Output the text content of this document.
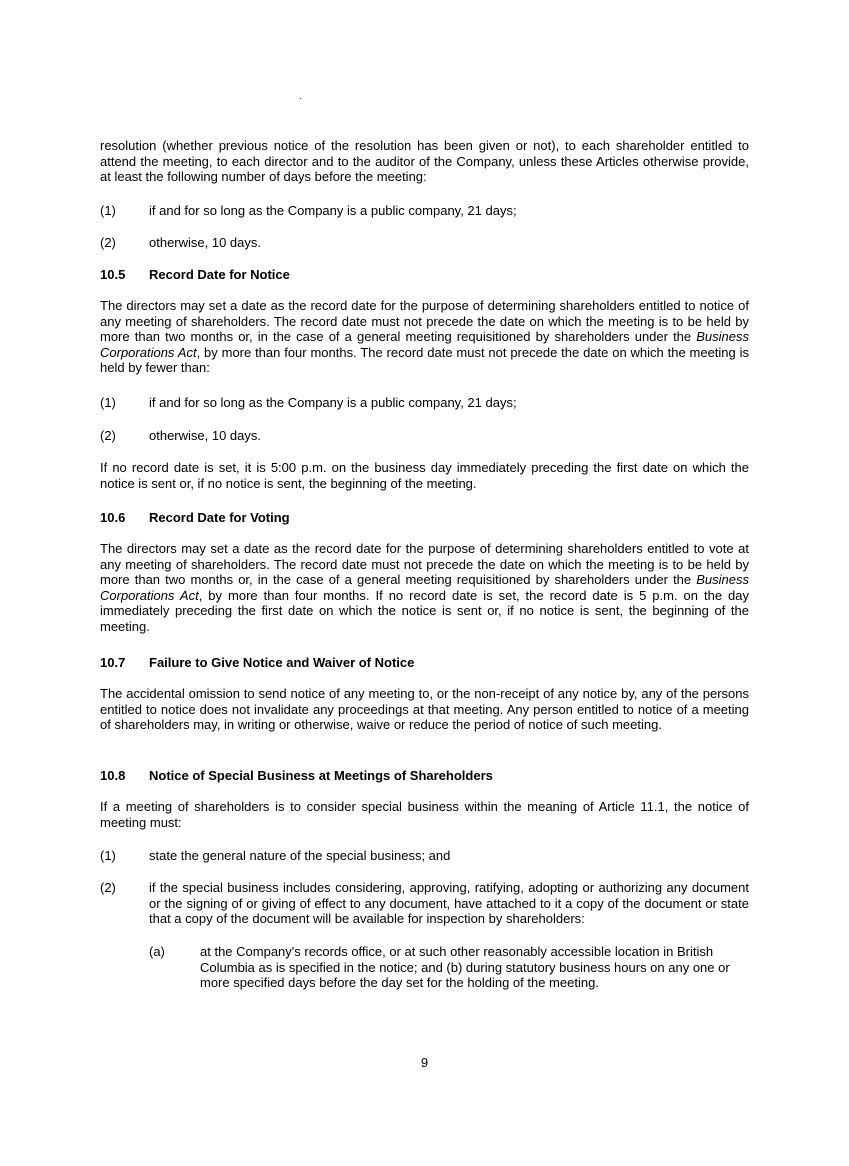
resolution (whether previous notice of the resolution has been given or not), to each shareholder entitled to attend the meeting, to each director and to the auditor of the Company, unless these Articles otherwise provide, at least the following number of days before the meeting:

(1)	if and for so long as the Company is a public company, 21 days;
(2)	otherwise, 10 days.
10.5 Record Date for Notice

The directors may set a date as the record date for the purpose of determining shareholders entitled to notice of any meeting of shareholders. The record date must not precede the date on which the meeting is to be held by more than two months or, in the case of a general meeting requisitioned by shareholders under the Business Corporations Act, by more than four months. The record date must not precede the date on which the meeting is held by fewer than:

(1)	if and for so long as the Company is a public company, 21 days;
(2)	otherwise, 10 days.

If no record date is set, it is 5:00 p.m. on the business day immediately preceding the first date on which the notice is sent or, if no notice is sent, the beginning of the meeting.

10.6 Record Date for Voting

The directors may set a date as the record date for the purpose of determining shareholders entitled to vote at any meeting of shareholders. The record date must not precede the date on which the meeting is to be held by more than two months or, in the case of a general meeting requisitioned by shareholders under the Business Corporations Act, by more than four months. If no record date is set, the record date is 5 p.m. on the day immediately preceding the first date on which the notice is sent or, if no notice is sent, the beginning of the meeting.

10.7 Failure to Give Notice and Waiver of Notice

The accidental omission to send notice of any meeting to, or the non-receipt of any notice by, any of the persons entitled to notice does not invalidate any proceedings at that meeting. Any person entitled to notice of a meeting of shareholders may, in writing or otherwise, waive or reduce the period of notice of such meeting.

10.8 Notice of Special Business at Meetings of Shareholders

If a meeting of shareholders is to consider special business within the meaning of Article 11.1, the notice of meeting must:

(1)	state the general nature of the special business; and
(2)	if the special business includes considering, approving, ratifying, adopting or authorizing any document or the signing of or giving of effect to any document, have attached to it a copy of the document or state that a copy of the document will be available for inspection by shareholders:
(a)	at the Company's records office, or at such other reasonably accessible location in British Columbia as is specified in the notice; and (b) during statutory business hours on any one or more specified days before the day set for the holding of the meeting.
9
